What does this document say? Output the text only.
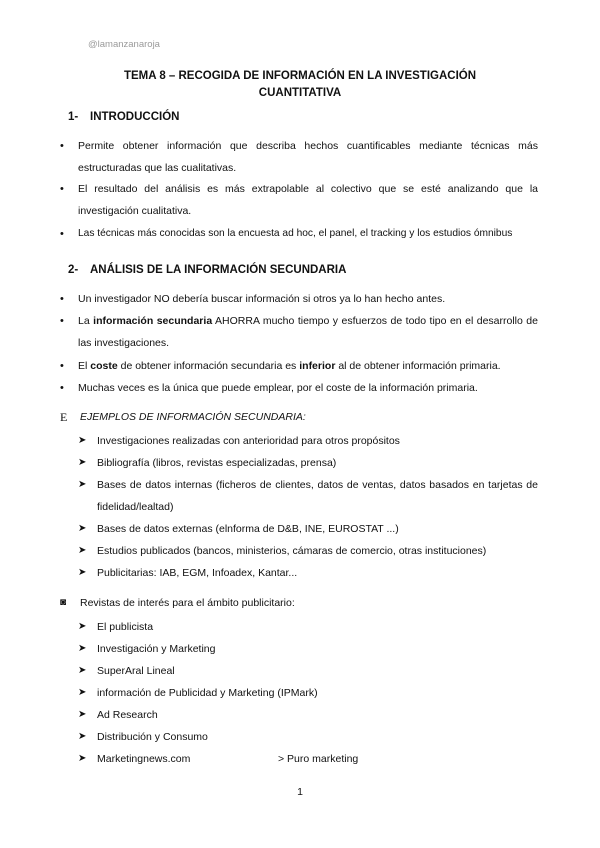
@lamanzanaroja
TEMA 8 – RECOGIDA DE INFORMACIÓN EN LA INVESTIGACIÓN
CUANTITATIVA
1- INTRODUCCIÓN
• Permite obtener información que describa hechos cuantificables mediante técnicas más estructuradas que las cualitativas.
• El resultado del análisis es más extrapolable al colectivo que se esté analizando que la investigación cualitativa.
• Las técnicas más conocidas son la encuesta ad hoc, el panel, el tracking y los estudios ómnibus
2- ANÁLISIS DE LA INFORMACIÓN SECUNDARIA
• Un investigador NO debería buscar información si otros ya lo han hecho antes.
• La información secundaria AHORRA mucho tiempo y esfuerzos de todo tipo en el desarrollo de las investigaciones.
• El coste de obtener información secundaria es inferior al de obtener información primaria.
• Muchas veces es la única que puede emplear, por el coste de la información primaria.
E EJEMPLOS DE INFORMACIÓN SECUNDARIA:
➤ Investigaciones realizadas con anterioridad para otros propósitos
➤ Bibliografía (libros, revistas especializadas, prensa)
➤ Bases de datos internas (ficheros de clientes, datos de ventas, datos basados en tarjetas de fidelidad/lealtad)
➤ Bases de datos externas (elnforma de D&B, INE, EUROSTAT ...)
➤ Estudios publicados (bancos, ministerios, cámaras de comercio, otras instituciones)
➤ Publicitarias: IAB, EGM, Infoadex, Kantar...
◙ Revistas de interés para el ámbito publicitario:
➤ El publicista
➤ Investigación y Marketing
➤ SuperAral Lineal
➤ información de Publicidad y Marketing (IPMark)
➤ Ad Research
➤ Distribución y Consumo
➤ Marketingnews.com	> Puro marketing
1
